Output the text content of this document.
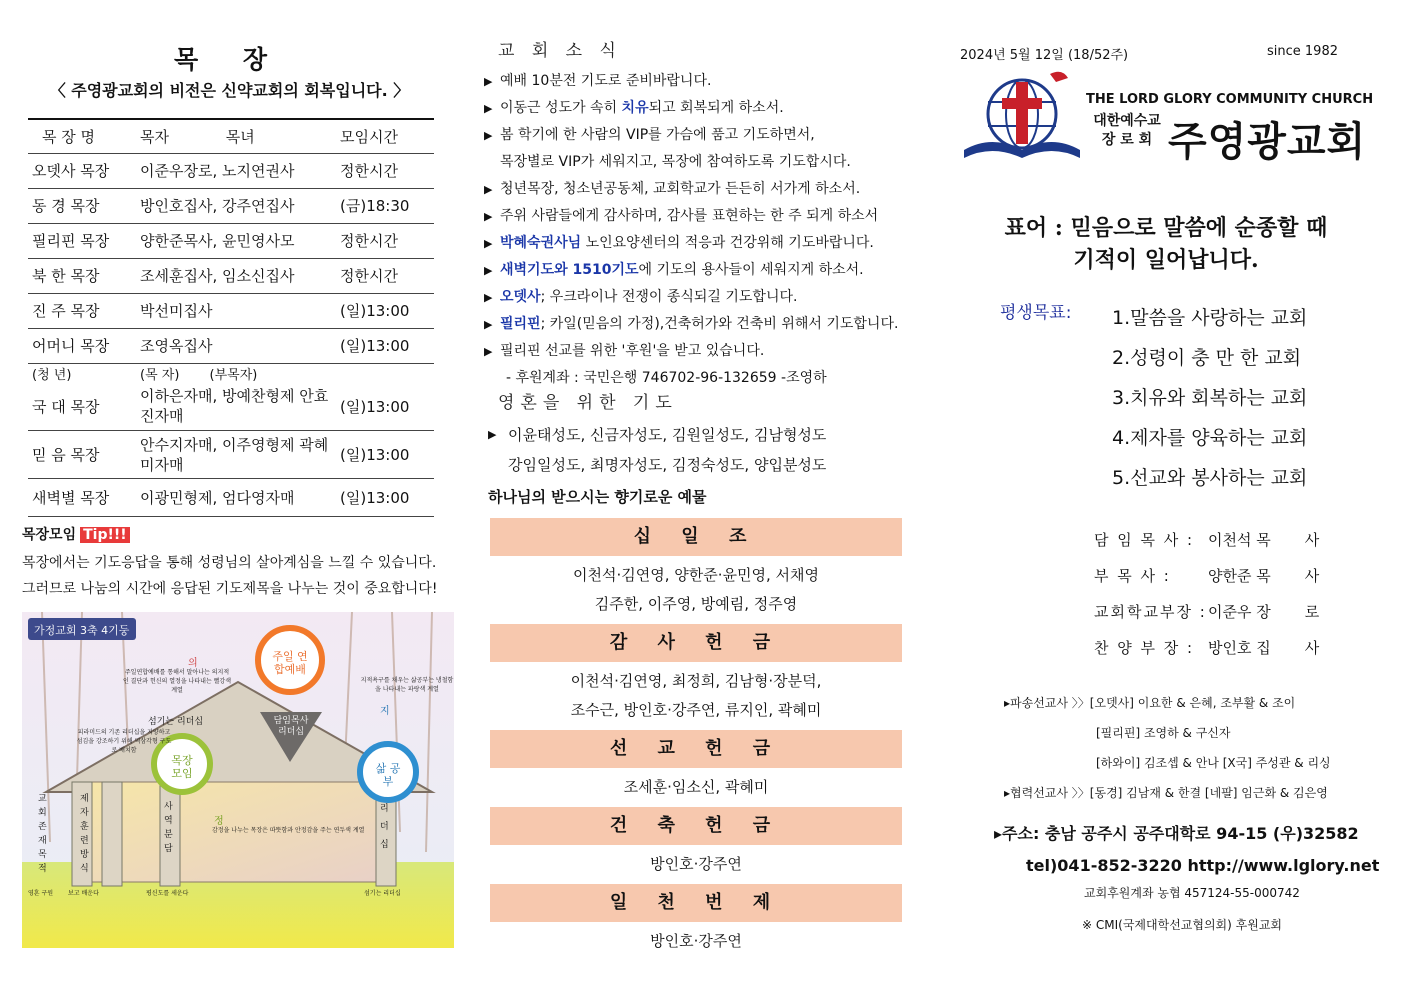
목 장
〈 주영광교회의 비전은 신약교회의 회복입니다. 〉
목 장 명	목자 목녀	모임시간
오뎃사 목장	이준우장로, 노지연권사	정한시간
동 경 목장	방인호집사, 강주연집사	(금)18:30
필리핀 목장	양한준목사, 윤민영사모	정한시간
북 한 목장	조세훈집사, 임소신집사	정한시간
진 주 목장	박선미집사	(일)13:00
어머니 목장	조영옥집사	(일)13:00
(청 년)	(목 자) (부목자)	
국 대 목장	이하은자매, 방예찬형제 안효진자매	(일)13:00
믿 음 목장	안수지자매, 이주영형제 곽혜미자매	(일)13:00
새벽별 목장	이광민형제, 엄다영자매	(일)13:00
목장모임 Tip!!!
목장에서는 기도응답을 통해 성령님의 살아계심을 느낄 수 있습니다.
그러므로 나눔의 시간에 응답된 기도제목을 나누는 것이 중요합니다!
가정교회 3축 4기둥
주일 연합예배
목장 모임	삶 공부
담임목사 리더십
섬기는 리더십
의
주일연합예배를 통해서 말아나는 의지적인 결단과 헌신의 열정을 나타내는 뻘강색 계열
피라미드의 기존 리더십을 지양하고 섬김을 강조하기 위해 역삼각형 구도로 배치함
지
지적욕구를 채우는 삶공부는 냉철함을 나타내는 파랑색 계열
정
감정을 나누는 목장은 따뜻함과 안정감을 주는 연두색 계열
교회존재목적
제자훈련방식
사역분담
리더십
영혼 구원 보고 배운다	평신도를 세운다	섬기는 리더십
교 회 소 식
▶ 예배 10분전 기도로 준비바랍니다.
▶ 이동근 성도가 속히 치유되고 회복되게 하소서.
▶ 봄 학기에 한 사람의 VIP를 가슴에 품고 기도하면서,
목장별로 VIP가 세워지고, 목장에 참여하도록 기도합시다.
▶ 청년목장, 청소년공동체, 교회학교가 든든히 서가게 하소서.
▶ 주위 사람들에게 감사하며, 감사를 표현하는 한 주 되게 하소서
▶ 박혜숙권사님 노인요양센터의 적응과 건강위해 기도바랍니다.
▶ 새벽기도와 1510기도에 기도의 용사들이 세워지게 하소서.
▶ 오뎃사; 우크라이나 전쟁이 종식되길 기도합니다.
▶ 필리핀; 카일(믿음의 가정),건축허가와 건축비 위해서 기도합니다.
▶ 필리핀 선교를 위한 '후원'을 받고 있습니다.
- 후원계좌 : 국민은행 746702-96-132659 -조영하
영혼을 위한 기도
▶ 이윤태성도, 신금자성도, 김원일성도, 김남형성도
강임일성도, 최명자성도, 김정숙성도, 양입분성도
하나님의 받으시는 향기로운 예물
십 일 조
이천석·김연영, 양한준·윤민영, 서채영
김주한, 이주영, 방예림, 정주영
감 사 헌 금
이천석·김연영, 최정희, 김남형·장분덕,
조수근, 방인호·강주연, 류지인, 곽혜미
선 교 헌 금
조세훈·임소신, 곽혜미
건 축 헌 금
방인호·강주연
일 천 번 제
방인호·강주연
2024년 5월 12일 (18/52주)	since 1982
THE LORD GLORY COMMUNITY CHURCH
대한예수교 장 로 회 주영광교회
표어 : 믿음으로 말씀에 순종할 때
기적이 일어납니다.
평생목표: 1.말씀을 사랑하는 교회
2.성령이 충 만 한 교회
3.치유와 회복하는 교회
4.제자를 양육하는 교회
5.선교와 봉사하는 교회
담 임 목 사 : 이천석 목 사
부 목 사 : 양한준 목 사
교회학교부장 :이준우 장 로
찬 양 부 장 : 방인호 집 사
▸파송선교사 〉〉[오뎃사] 이요한 & 은혜, 조부활 & 조이
[필리핀] 조영하 & 구신자
[하와이] 김조셉 & 안나 [X국] 주성관 & 리싱
▸협력선교사 〉〉[동경] 김남재 & 한결 [네팔] 임근화 & 김은영
▸주소: 충남 공주시 공주대학로 94-15 (우)32582
tel)041-852-3220 http://www.lglory.net
교회후원계좌 농협 457124-55-000742
※ CMI(국제대학선교협의회) 후원교회
